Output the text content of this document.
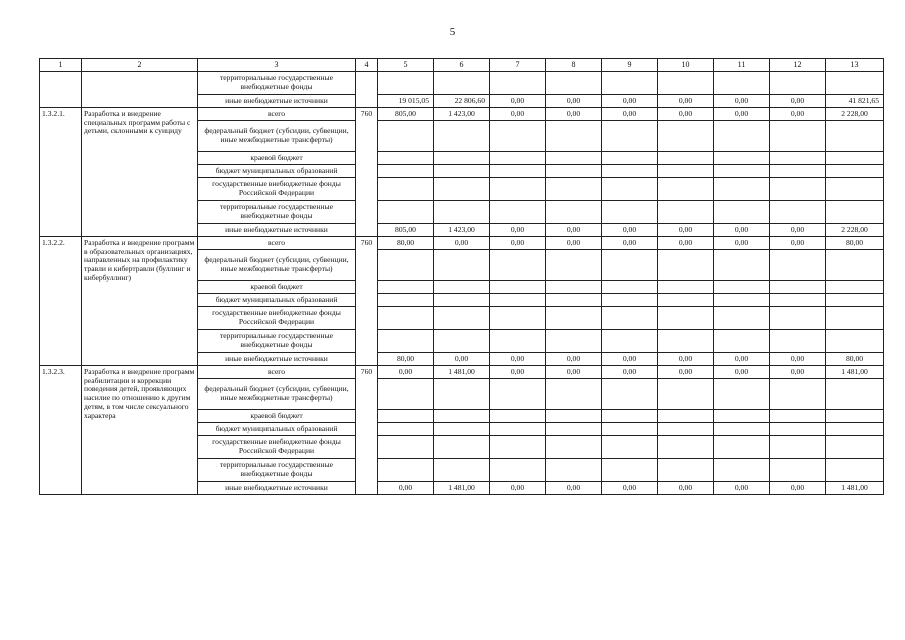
5
1	2	3	4	5	6	7	8	9	10	11	12	13
		территориальные государственные внебюджетные фонды										
		иные внебюджетные источники		19 015,05	22 806,60	0,00	0,00	0,00	0,00	0,00	0,00	41 821,65
1.3.2.1.	Разработка и внедрение специальных программ работы с детьми, склонными к суициду	всего	760	805,00	1 423,00	0,00	0,00	0,00	0,00	0,00	0,00	2 228,00
		федеральный бюджет (субсидии, субвенции, иные межбюджетные трансферты)										
		краевой бюджет										
		бюджет муниципальных образований										
		государственные внебюджетные фонды Российской Федерации										
		территориальные государственные внебюджетные фонды										
		иные внебюджетные источники		805,00	1 423,00	0,00	0,00	0,00	0,00	0,00	0,00	2 228,00
1.3.2.2.	Разработка и внедрение программ в образовательных организациях, направленных на профилактику травли и кибертравли (буллинг и кибербуллинг)	всего	760	80,00	0,00	0,00	0,00	0,00	0,00	0,00	0,00	80,00
		федеральный бюджет (субсидии, субвенции, иные межбюджетные трансферты)										
		краевой бюджет										
		бюджет муниципальных образований										
		государственные внебюджетные фонды Российской Федерации										
		территориальные государственные внебюджетные фонды										
		иные внебюджетные источники		80,00	0,00	0,00	0,00	0,00	0,00	0,00	0,00	80,00
1.3.2.3.	Разработка и внедрение программ реабилитации и коррекции поведения детей, проявляющих насилие по отношению к другим детям, в том числе сексуального характера	всего	760	0,00	1 481,00	0,00	0,00	0,00	0,00	0,00	0,00	1 481,00
		федеральный бюджет (субсидии, субвенции, иные межбюджетные трансферты)										
		краевой бюджет										
		бюджет муниципальных образований										
		государственные внебюджетные фонды Российской Федерации										
		территориальные государственные внебюджетные фонды										
		иные внебюджетные источники		0,00	1 481,00	0,00	0,00	0,00	0,00	0,00	0,00	1 481,00
